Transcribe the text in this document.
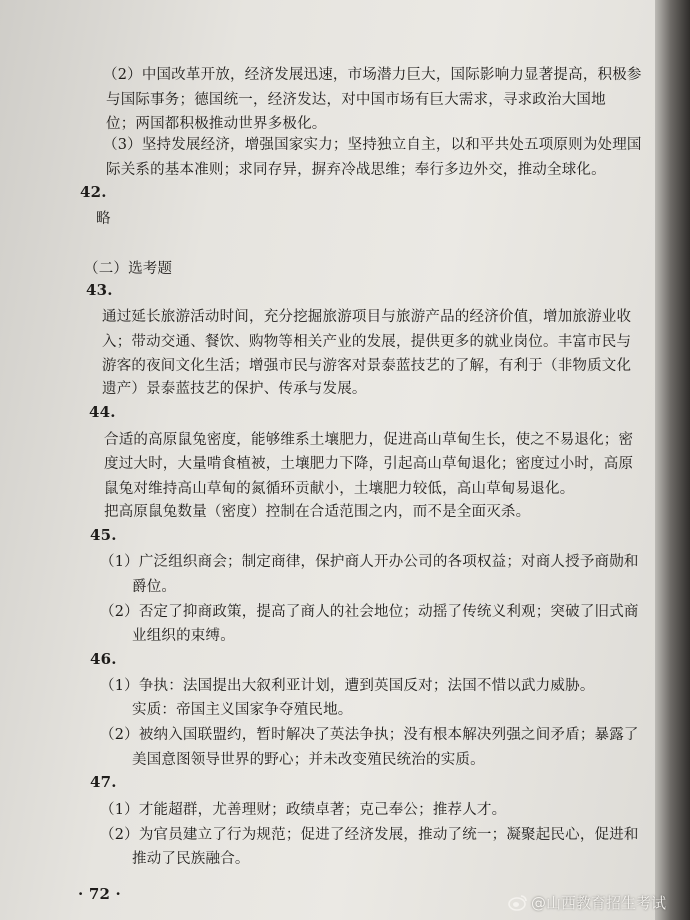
（2）中国改革开放，经济发展迅速，市场潜力巨大，国际影响力显著提高，积极参
与国际事务；德国统一，经济发达，对中国市场有巨大需求，寻求政治大国地
位；两国都积极推动世界多极化。
（3）坚持发展经济，增强国家实力；坚持独立自主，以和平共处五项原则为处理国
际关系的基本准则；求同存异，摒弃冷战思维；奉行多边外交，推动全球化。
42.
略
（二）选考题
43.
通过延长旅游活动时间，充分挖掘旅游项目与旅游产品的经济价值，增加旅游业收
入；带动交通、餐饮、购物等相关产业的发展，提供更多的就业岗位。丰富市民与
游客的夜间文化生活；增强市民与游客对景泰蓝技艺的了解，有利于（非物质文化
遗产）景泰蓝技艺的保护、传承与发展。
44.
合适的高原鼠兔密度，能够维系土壤肥力，促进高山草甸生长，使之不易退化；密
度过大时，大量啃食植被，土壤肥力下降，引起高山草甸退化；密度过小时，高原
鼠兔对维持高山草甸的氮循环贡献小，土壤肥力较低，高山草甸易退化。
把高原鼠兔数量（密度）控制在合适范围之内，而不是全面灭杀。
45.
（1）广泛组织商会；制定商律，保护商人开办公司的各项权益；对商人授予商勋和
爵位。
（2）否定了抑商政策，提高了商人的社会地位；动摇了传统义利观；突破了旧式商
业组织的束缚。
46.
（1）争执：法国提出大叙利亚计划，遭到英国反对；法国不惜以武力威胁。
实质：帝国主义国家争夺殖民地。
（2）被纳入国联盟约，暂时解决了英法争执；没有根本解决列强之间矛盾；暴露了
美国意图领导世界的野心；并未改变殖民统治的实质。
47.
（1）才能超群，尤善理财；政绩卓著；克己奉公；推荐人才。
（2）为官员建立了行为规范；促进了经济发展，推动了统一；凝聚起民心，促进和
推动了民族融合。
· 72 ·	@山西教育招生考试
